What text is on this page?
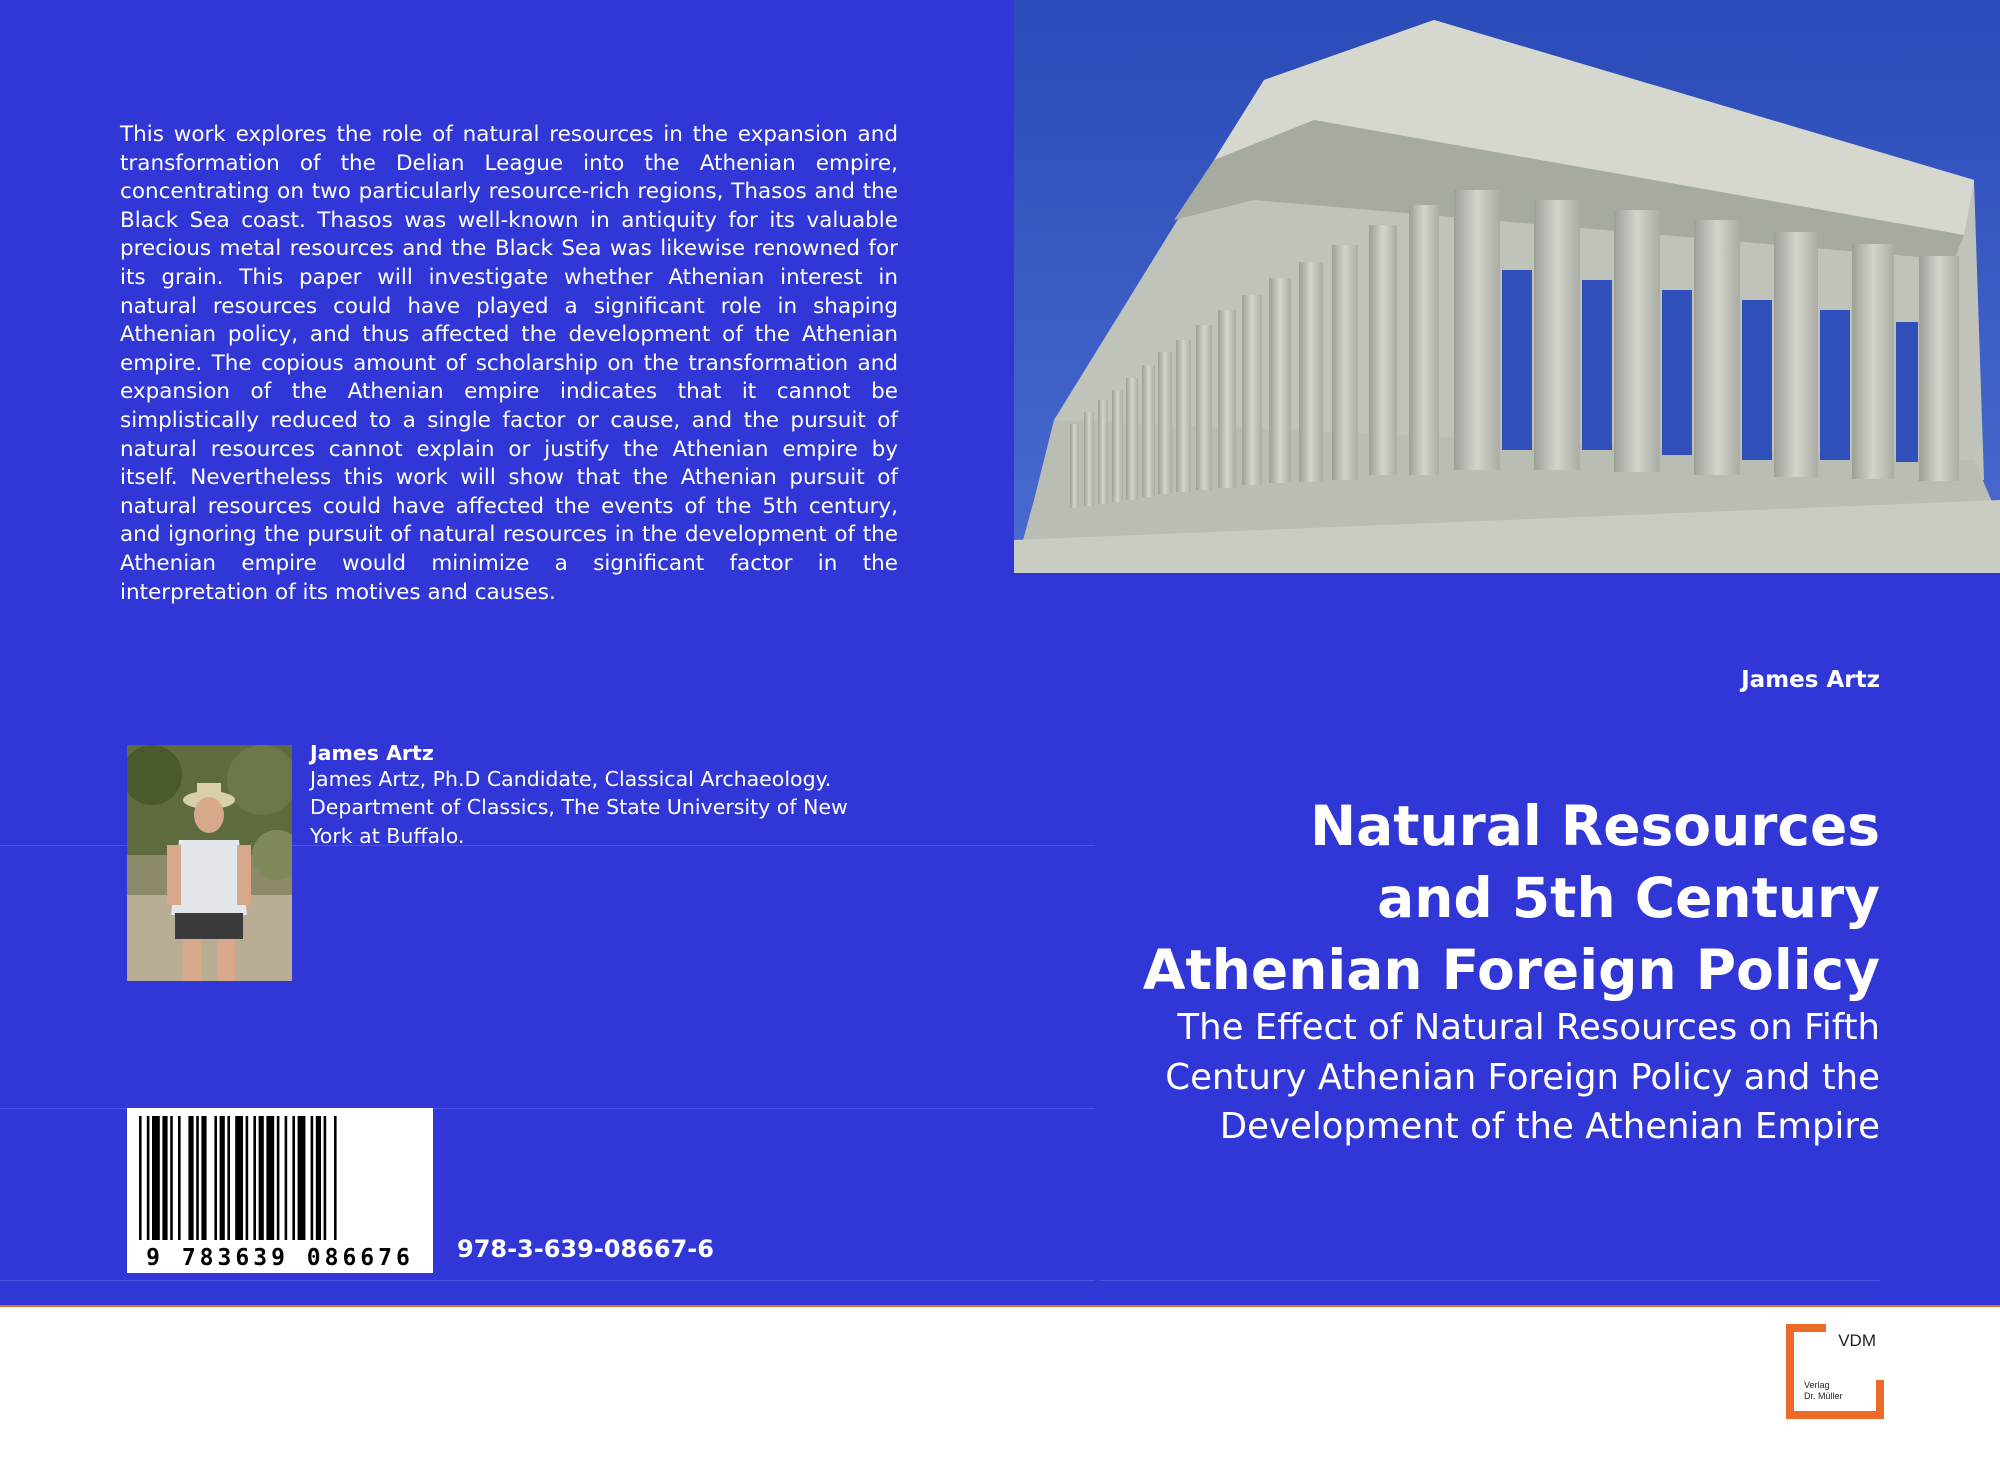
This work explores the role of natural resources in the expansion and transformation of the Delian League into the Athenian empire, concentrating on two particularly resource-rich regions, Thasos and the Black Sea coast. Thasos was well-known in antiquity for its valuable precious metal resources and the Black Sea was likewise renowned for its grain. This paper will investigate whether Athenian interest in natural resources could have played a significant role in shaping Athenian policy, and thus affected the development of the Athenian empire. The copious amount of scholarship on the transformation and expansion of the Athenian empire indicates that it cannot be simplistically reduced to a single factor or cause, and the pursuit of natural resources cannot explain or justify the Athenian empire by itself. Nevertheless this work will show that the Athenian pursuit of natural resources could have affected the events of the 5th century, and ignoring the pursuit of natural resources in the development of the Athenian empire would minimize a significant factor in the interpretation of its motives and causes.

James Artz
Natural Resources
and 5th Century
Athenian Foreign Policy
The Effect of Natural Resources on Fifth
Century Athenian Foreign Policy and the
Development of the Athenian Empire
James Artz

James Artz, Ph.D Candidate, Classical Archaeology. Department of Classics, The State University of New York at Buffalo.

9 783639 086676 978-3-639-08667-6
VDM
Verlag
Dr. Müller
